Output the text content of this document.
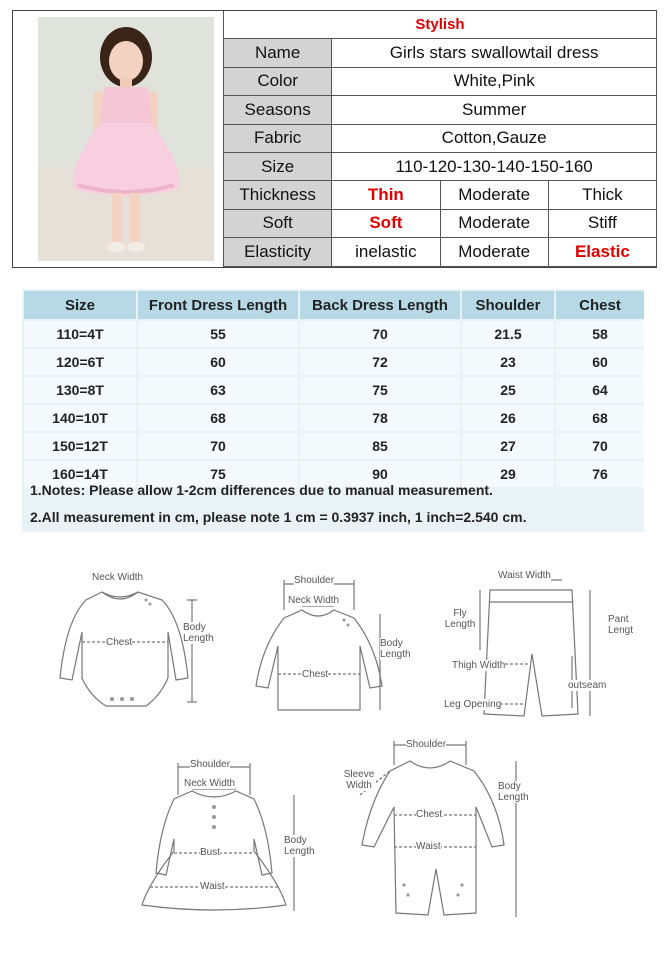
Stylish			
Name	Girls stars swallowtail dress		
Color	White,Pink		
Seasons	Summer		
Fabric	Cotton,Gauze		
Size	110-120-130-140-150-160		
Thickness	Thin	Moderate	Thick
Soft	Soft	Moderate	Stiff
Elasticity	inelastic	Moderate	Elastic
Size	Front Dress Length	Back Dress Length	Shoulder	Chest
110=4T	55	70	21.5	58
120=6T	60	72	23	60
130=8T	63	75	25	64
140=10T	68	78	26	68
150=12T	70	85	27	70
160=14T	75	90	29	76
1.Notes: Please allow 1-2cm differences due to manual measurement.
2.All measurement in cm, please note 1 cm = 0.3937 inch, 1 inch=2.540 cm.
Neck Width
Chest
Body Length
Shoulder
Neck Width
Chest
Body Length
Waist Width
Fly Length
Thigh Width
Leg Opening
Pant Lengt
outseam
Shoulder
Neck Width
Bust
Waist
Body Length
Shoulder
Sleeve Width
Chest
Waist
Body Length
